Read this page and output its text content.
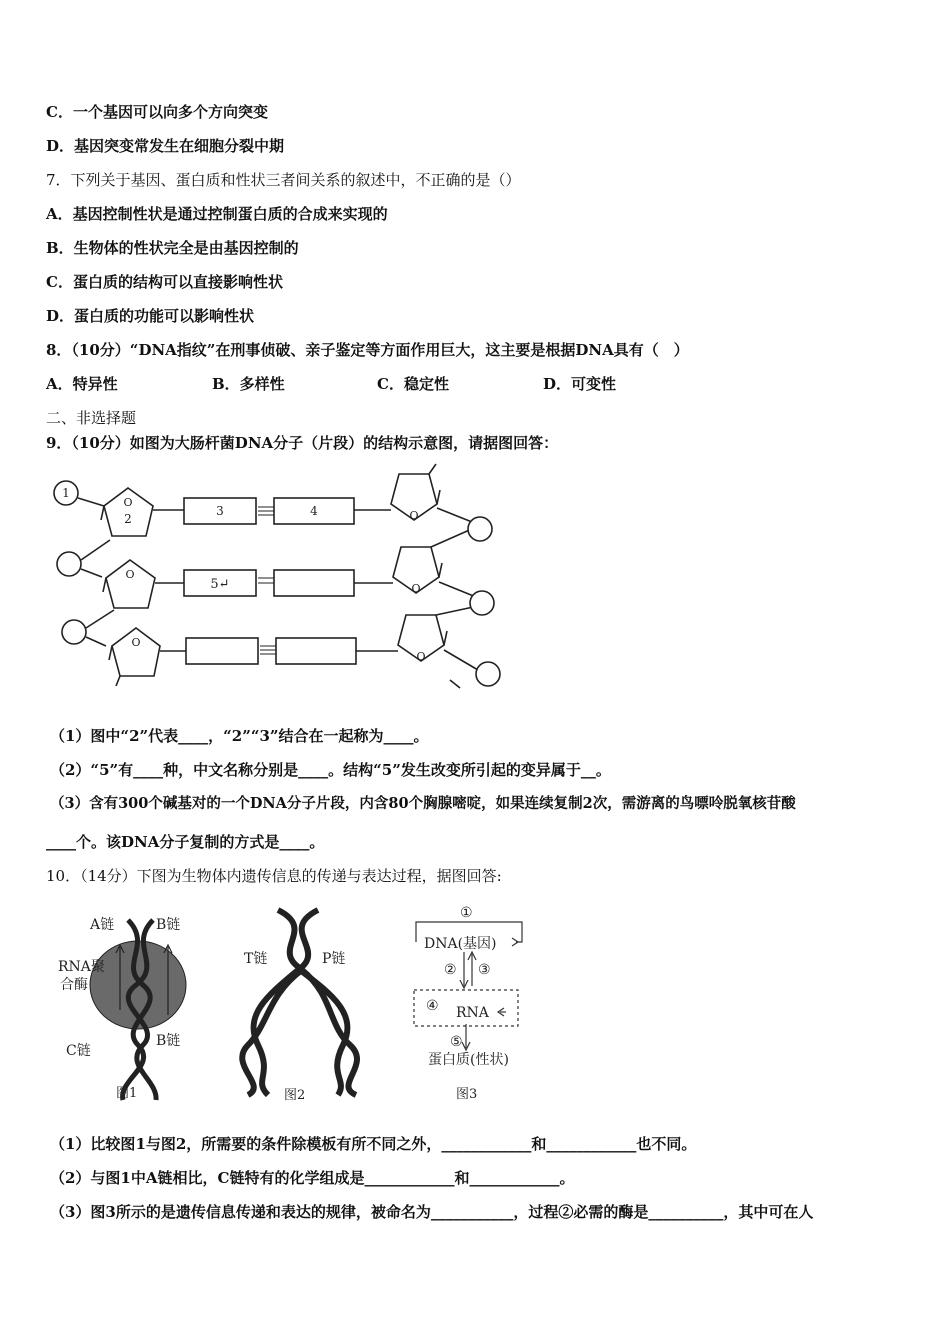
C．一个基因可以向多个方向突变
D．基因突变常发生在细胞分裂中期
7．下列关于基因、蛋白质和性状三者间关系的叙述中，不正确的是（）
A．基因控制性状是通过控制蛋白质的合成来实现的
B．生物体的性状完全是由基因控制的
C．蛋白质的结构可以直接影响性状
D．蛋白质的功能可以影响性状
8．（10分）“DNA指纹”在刑事侦破、亲子鉴定等方面作用巨大，这主要是根据DNA具有（　）
A．特异性	B．多样性	C．稳定性	D．可变性
二、非选择题
9．（10分）如图为大肠杆菌DNA分子（片段）的结构示意图，请据图回答：
1
2
3	4
5↵
O
O
O
O
O
O
（1）图中“2”代表____，“2”“3”结合在一起称为____。
（2）“5”有____种，中文名称分别是____。结构“5”发生改变所引起的变异属于__。
（3）含有300个碱基对的一个DNA分子片段，内含80个胸腺嘧啶，如果连续复制2次，需游离的鸟嘌呤脱氧核苷酸
____个。该DNA分子复制的方式是____。
10．（14分）下图为生物体内遗传信息的传递与表达过程，据图回答:
A链	B链
RNA聚
合酶
C链
B链
图1
T链	P链
图2
①
DNA(基因)
② ③
④ RNA
⑤
蛋白质(性状)
图3
（1）比较图1与图2，所需要的条件除模板有所不同之外，____________和____________也不同。
（2）与图1中A链相比，C链特有的化学组成是____________和____________。
（3）图3所示的是遗传信息传递和表达的规律，被命名为___________，过程②必需的酶是__________，其中可在人
